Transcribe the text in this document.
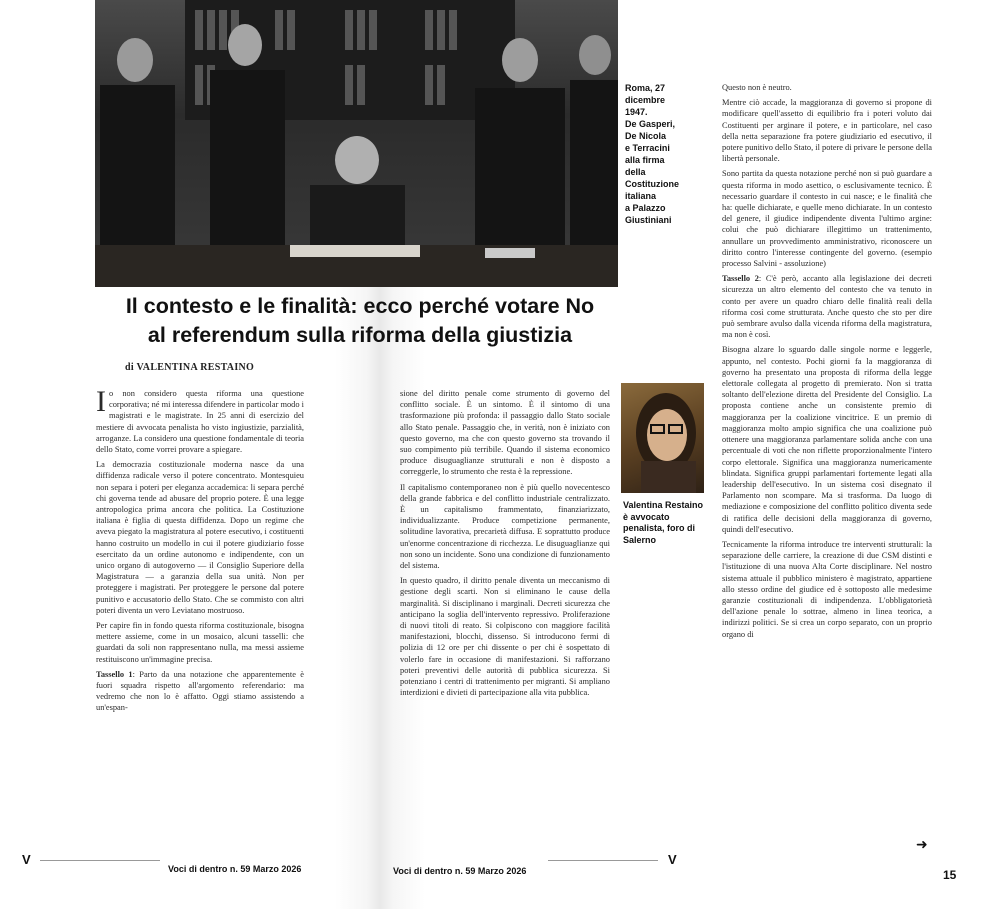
Roma, 27
dicembre
1947.
De Gasperi,
De Nicola
e Terracini
alla firma
della
Costituzione
italiana
a Palazzo
Giustiniani
Il contesto e le finalità: ecco perché votare No
al referendum sulla riforma della giustizia
di VALENTINA RESTAINO

Io non considero questa riforma una questione corporativa; né mi interessa difendere in particolar modo i magistrati e le magistrate. In 25 anni di esercizio del mestiere di avvocata penalista ho visto ingiustizie, parzialità, arroganze. La considero una questione fondamentale di teoria dello Stato, come vorrei provare a spiegare.

La democrazia costituzionale moderna nasce da una diffidenza radicale verso il potere concentrato. Montesquieu non separa i poteri per eleganza accademica: li separa perché chi governa tende ad abusare del proprio potere. È una legge antropologica prima ancora che politica. La Costituzione italiana è figlia di questa diffidenza. Dopo un regime che aveva piegato la magistratura al potere esecutivo, i costituenti hanno costruito un modello in cui il potere giudiziario fosse esercitato da un ordine autonomo e indipendente, con un unico organo di autogoverno — il Consiglio Superiore della Magistratura — a garanzia della sua unità. Non per proteggere i magistrati. Per proteggere le persone dal potere punitivo e accusatorio dello Stato. Che se commisto con altri poteri diventa un vero Leviatano mostruoso.

Per capire fin in fondo questa riforma costituzionale, bisogna mettere assieme, come in un mosaico, alcuni tasselli: che guardati da soli non rappresentano nulla, ma messi assieme restituiscono un'immagine precisa.

Tassello 1: Parto da una notazione che apparentemente è fuori squadra rispetto all'argomento referendario: ma vedremo che non lo è affatto. Oggi stiamo assistendo a un'espan-

sione del diritto penale come strumento di governo del conflitto sociale. È un sintomo. È il sintomo di una trasformazione più profonda: il passaggio dallo Stato sociale allo Stato penale. Passaggio che, in verità, non è iniziato con questo governo, ma che con questo governo sta trovando il suo compimento più terribile. Quando il sistema economico produce disuguaglianze strutturali e non è disposto a correggerle, lo strumento che resta è la repressione.

Il capitalismo contemporaneo non è più quello novecentesco della grande fabbrica e del conflitto industriale centralizzato. È un capitalismo frammentato, finanziarizzato, individualizzante. Produce competizione permanente, solitudine lavorativa, precarietà diffusa. E soprattutto produce un'enorme concentrazione di ricchezza. Le disuguaglianze qui non sono un incidente. Sono una condizione di funzionamento del sistema.

In questo quadro, il diritto penale diventa un meccanismo di gestione degli scarti. Non si eliminano le cause della marginalità. Si disciplinano i marginali. Decreti sicurezza che anticipano la soglia dell'intervento repressivo. Proliferazione di nuovi titoli di reato. Si colpiscono con maggiore facilità manifestazioni, blocchi, dissenso. Si introducono fermi di polizia di 12 ore per chi dissente o per chi è sospettato di volerlo fare in occasione di manifestazioni. Si rafforzano poteri preventivi delle autorità di pubblica sicurezza. Si potenziano i centri di trattenimento per migranti. Si ampliano interdizioni e divieti di partecipazione alla vita pubblica.

Valentina Restaino è avvocato penalista, foro di Salerno

Questo non è neutro.

Mentre ciò accade, la maggioranza di governo si propone di modificare quell'assetto di equilibrio fra i poteri voluto dai Costituenti per arginare il potere, e in particolare, nel caso della netta separazione fra potere giudiziario ed esecutivo, il potere punitivo dello Stato, il potere di privare le persone della libertà personale.

Sono partita da questa notazione perché non si può guardare a questa riforma in modo asettico, o esclusivamente tecnico. È necessario guardare il contesto in cui nasce; e le finalità che ha: quelle dichiarate, e quelle meno dichiarate. In un contesto del genere, il giudice indipendente diventa l'ultimo argine: colui che può dichiarare illegittimo un trattenimento, annullare un provvedimento amministrativo, riconoscere un diritto contro l'interesse contingente del governo. (esempio processo Salvini - assoluzione)

Tassello 2: C'è però, accanto alla legislazione dei decreti sicurezza un altro elemento del contesto che va tenuto in conto per avere un quadro chiaro delle finalità reali della riforma così come strutturata. Anche questo che sto per dire può sembrare avulso dalla vicenda riforma della magistratura, ma non è così.

Bisogna alzare lo sguardo dalle singole norme e leggerle, appunto, nel contesto. Pochi giorni fa la maggioranza di governo ha presentato una proposta di riforma della legge elettorale collegata al progetto di premierato. Non si tratta soltanto dell'elezione diretta del Presidente del Consiglio. La proposta contiene anche un consistente premio di maggioranza per la coalizione vincitrice. E un premio di maggioranza molto ampio significa che una coalizione può ottenere una maggioranza parlamentare solida anche con una percentuale di voti che non riflette proporzionalmente l'intero corpo elettorale. Significa una maggioranza numericamente blindata. Significa gruppi parlamentari fortemente legati alla leadership dell'esecutivo. In un sistema così disegnato il Parlamento non scompare. Ma si trasforma. Da luogo di mediazione e composizione del conflitto politico diventa sede di ratifica delle decisioni della maggioranza di governo, quindi dell'esecutivo.

Tecnicamente la riforma introduce tre interventi strutturali: la separazione delle carriere, la creazione di due CSM distinti e l'istituzione di una nuova Alta Corte disciplinare. Nel nostro sistema attuale il pubblico ministero è magistrato, appartiene allo stesso ordine del giudice ed è sottoposto alle medesime garanzie costituzionali di indipendenza. L'obbligatorietà dell'azione penale lo sottrae, almeno in linea teorica, a indirizzi politici. Se si crea un corpo separato, con un proprio organo di

➜
V
Voci di dentro n. 59 Marzo 2026	Voci di dentro n. 59 Marzo 2026
V
15
